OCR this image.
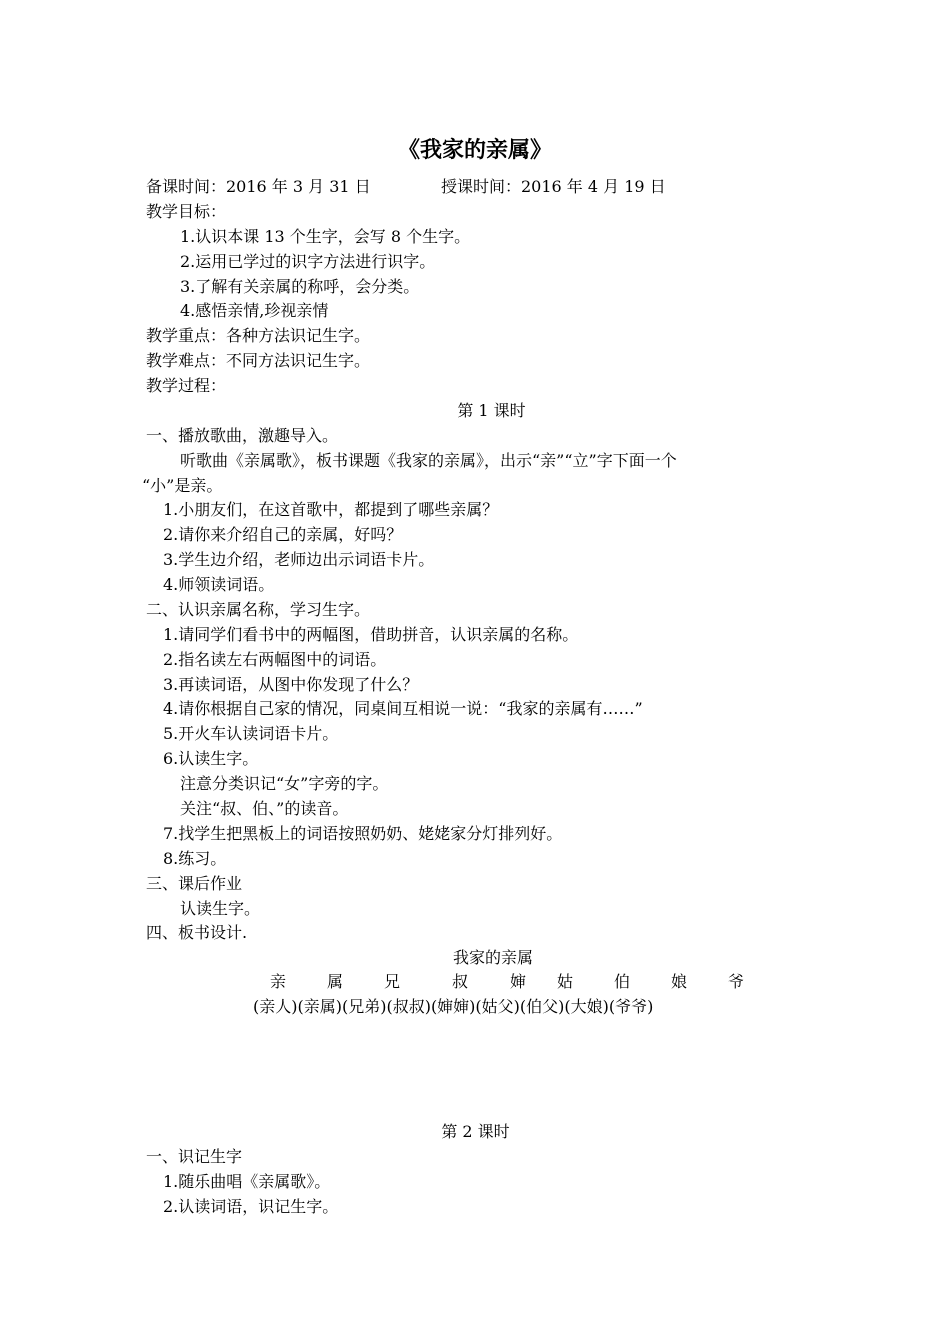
《我家的亲属》
备课时间：2016 年 3 月 31 日	授课时间：2016 年 4 月 19 日
教学目标：
1.认识本课 13 个生字，会写 8 个生字。
2.运用已学过的识字方法进行识字。
3.了解有关亲属的称呼，会分类。
4.感悟亲情,珍视亲情
教学重点：各种方法识记生字。
教学难点：不同方法识记生字。
教学过程：
第 1 课时
一、播放歌曲，激趣导入。
听歌曲《亲属歌》，板书课题《我家的亲属》，出示“亲”“立”字下面一个
“小”是亲。
1.小朋友们，在这首歌中，都提到了哪些亲属？
2.请你来介绍自己的亲属，好吗？
3.学生边介绍，老师边出示词语卡片。
4.师领读词语。
二、认识亲属名称，学习生字。
1.请同学们看书中的两幅图，借助拼音，认识亲属的名称。
2.指名读左右两幅图中的词语。
3.再读词语，从图中你发现了什么？
4.请你根据自己家的情况，同桌间互相说一说：“我家的亲属有……”
5.开火车认读词语卡片。
6.认读生字。
注意分类识记“女”字旁的字。
关注“叔、伯、”的读音。
7.找学生把黑板上的词语按照奶奶、姥姥家分灯排列好。
8.练习。
三、课后作业
认读生字。
四、板书设计.
我家的亲属
亲	属	兄	叔	婶 姑	伯	娘	爷
(亲人)(亲属)(兄弟)(叔叔)(婶婶)(姑父)(伯父)(大娘)(爷爷)
第 2 课时
一、识记生字
1.随乐曲唱《亲属歌》。
2.认读词语，识记生字。
